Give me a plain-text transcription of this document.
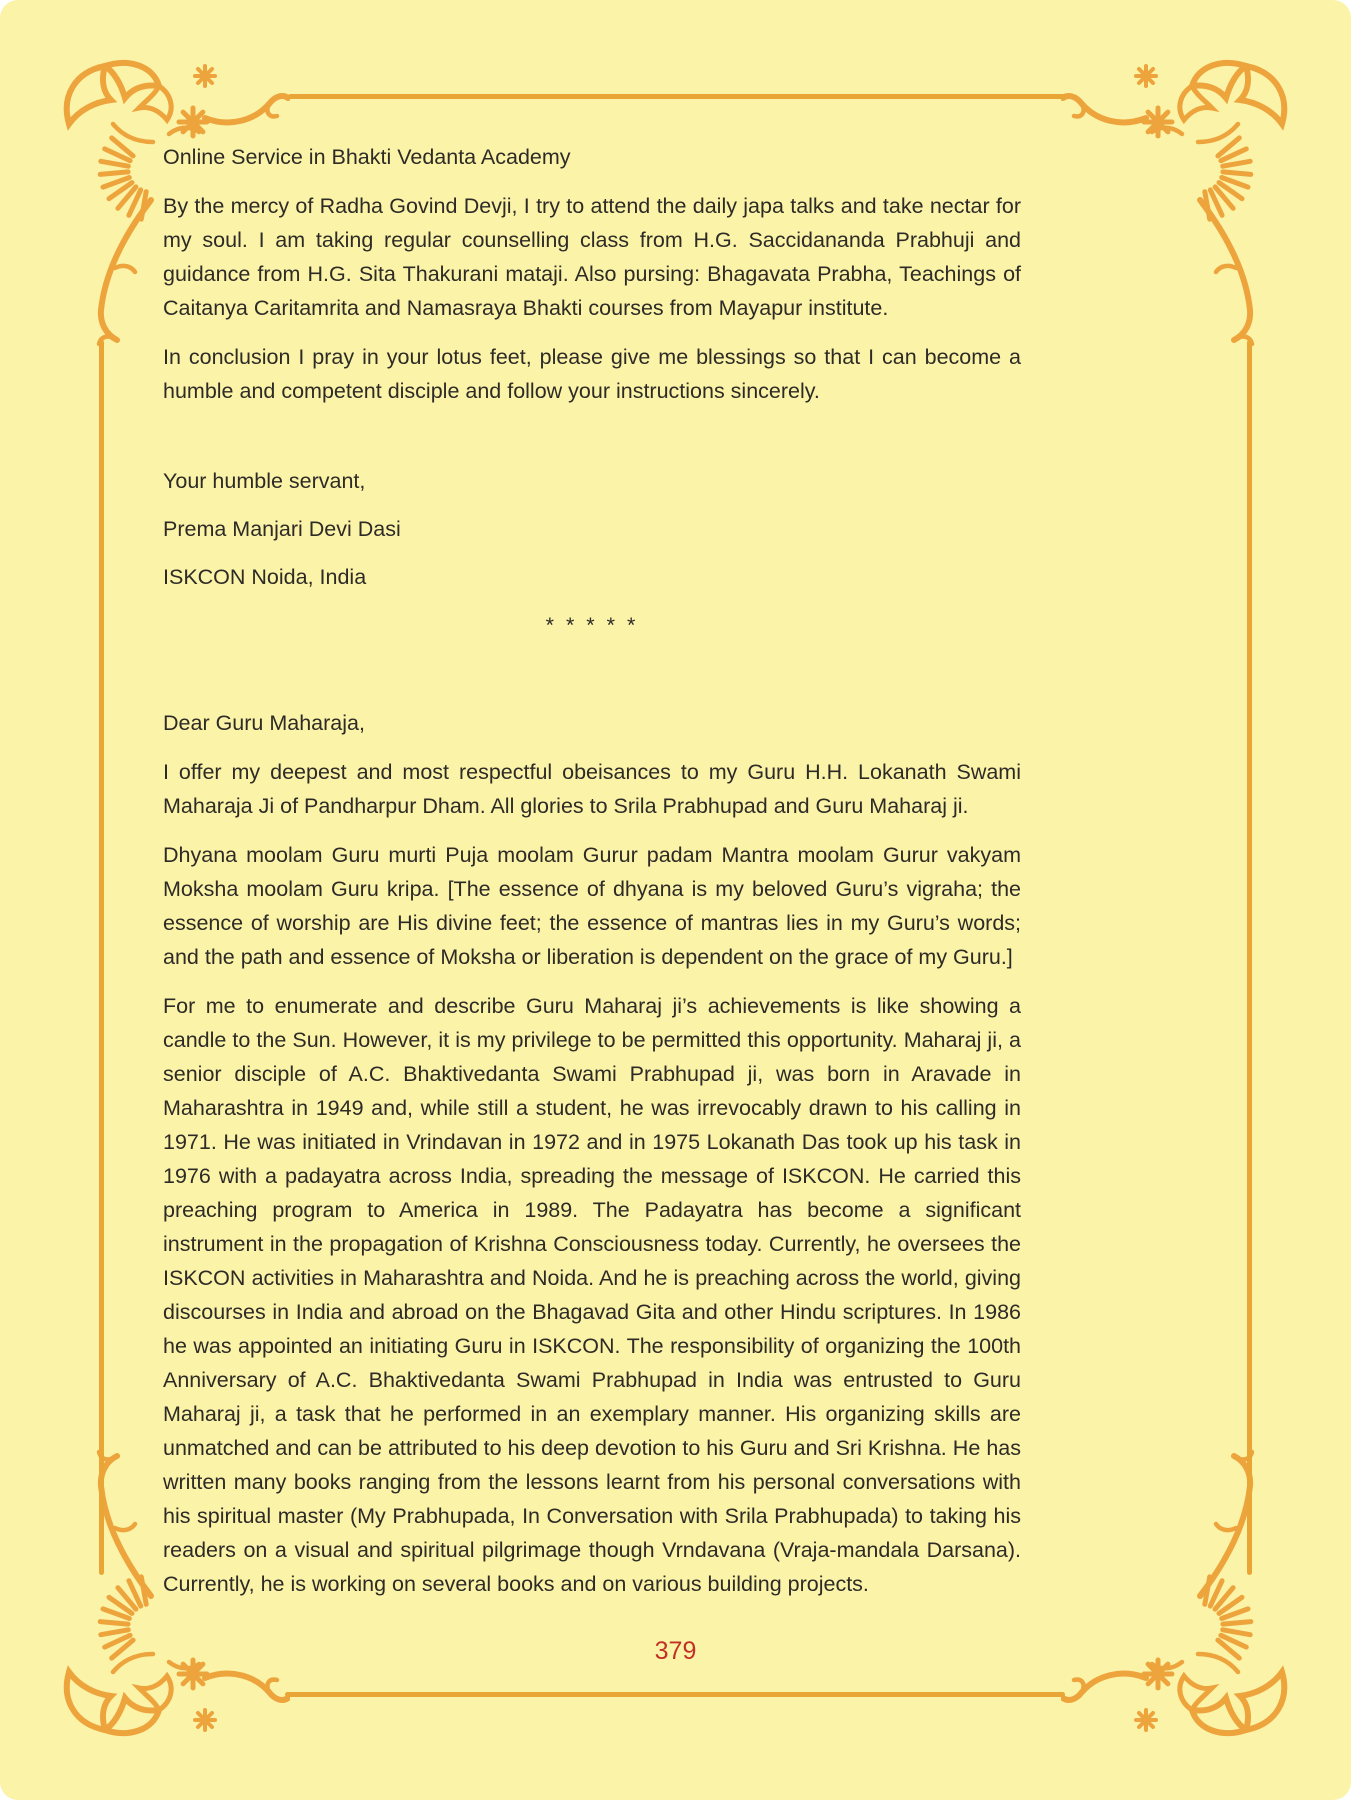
Online Service in Bhakti Vedanta Academy

By the mercy of Radha Govind Devji, I try to attend the daily japa talks and take nectar for my soul. I am taking regular counselling class from H.G. Saccidananda Prabhuji and guidance from H.G. Sita Thakurani mataji. Also pursing: Bhagavata Prabha, Teachings of Caitanya Caritamrita and Namasraya Bhakti courses from Mayapur institute.

In conclusion I pray in your lotus feet, please give me blessings so that I can become a humble and competent disciple and follow your instructions sincerely.

Your humble servant,

Prema Manjari Devi Dasi

ISKCON Noida, India

* * * * *

Dear Guru Maharaja,

I offer my deepest and most respectful obeisances to my Guru H.H. Lokanath Swami Maharaja Ji of Pandharpur Dham. All glories to Srila Prabhupad and Guru Maharaj ji.

Dhyana moolam Guru murti Puja moolam Gurur padam Mantra moolam Gurur vakyam Moksha moolam Guru kripa. [The essence of dhyana is my beloved Guru’s vigraha; the essence of worship are His divine feet; the essence of mantras lies in my Guru’s words; and the path and essence of Moksha or liberation is dependent on the grace of my Guru.]

For me to enumerate and describe Guru Maharaj ji’s achievements is like showing a candle to the Sun. However, it is my privilege to be permitted this opportunity. Maharaj ji, a senior disciple of A.C. Bhaktivedanta Swami Prabhupad ji, was born in Aravade in Maharashtra in 1949 and, while still a student, he was irrevocably drawn to his calling in 1971. He was initiated in Vrindavan in 1972 and in 1975 Lokanath Das took up his task in 1976 with a padayatra across India, spreading the message of ISKCON. He carried this preaching program to America in 1989. The Padayatra has become a significant instrument in the propagation of Krishna Consciousness today. Currently, he oversees the ISKCON activities in Maharashtra and Noida. And he is preaching across the world, giving discourses in India and abroad on the Bhagavad Gita and other Hindu scriptures. In 1986 he was appointed an initiating Guru in ISKCON. The responsibility of organizing the 100th Anniversary of A.C. Bhaktivedanta Swami Prabhupad in India was entrusted to Guru Maharaj ji, a task that he performed in an exemplary manner. His organizing skills are unmatched and can be attributed to his deep devotion to his Guru and Sri Krishna. He has written many books ranging from the lessons learnt from his personal conversations with his spiritual master (My Prabhupada, In Conversation with Srila Prabhupada) to taking his readers on a visual and spiritual pilgrimage though Vrndavana (Vraja-mandala Darsana). Currently, he is working on several books and on various building projects.

379
